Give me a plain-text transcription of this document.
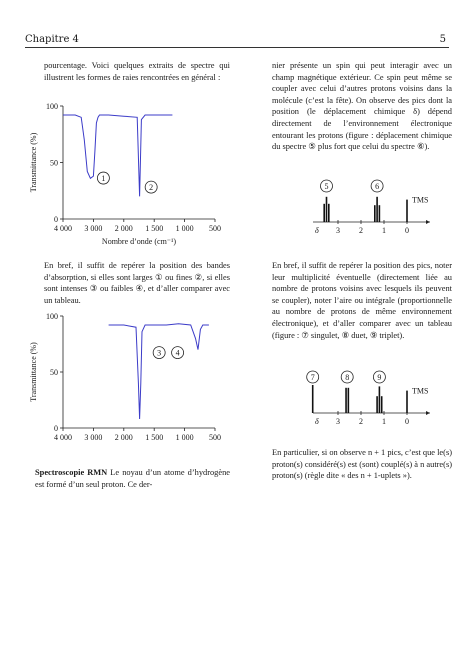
Chapitre 4	5

pourcentage. Voici quelques extraits de spectre qui illustrent les formes de raies rencontrées en général :

4 000 3 000 2 000 1 500 1 000 500
0
50
100
Transmittance (%)
Nombre d’onde (cm⁻¹)
1
2
4 000 3 000 2 000 1 500 1 000 500
0
50
100
Transmittance (%)	3 4
3 2 1 0
δ
TMS
5	6
3 2 1 0
δ
TMS
7	8	9

En bref, il suffit de repérer la position des bandes d’absorption, si elles sont larges ① ou fines ②, si elles sont intenses ③ ou faibles ④, et d’aller comparer avec un tableau.

Spectroscopie RMN Le noyau d’un atome d’hydrogène est formé d’un seul proton. Ce der-

nier présente un spin qui peut interagir avec un champ magnétique extérieur. Ce spin peut même se coupler avec celui d’autres protons voisins dans la molécule (c’est la fête). On observe des pics dont la position (le déplacement chimique δ) dépend directement de l’environnement électronique entourant les protons (figure : déplacement chimique du spectre ⑤ plus fort que celui du spectre ⑥).

En bref, il suffit de repérer la position des pics, noter leur multiplicité éventuelle (directement liée au nombre de protons voisins avec lesquels ils peuvent se coupler), noter l’aire ou intégrale (proportionnelle au nombre de protons de même environnement électronique), et d’aller comparer avec un tableau (figure : ⑦ singulet, ⑧ duet, ⑨ triplet).

En particulier, si on observe n + 1 pics, c’est que le(s) proton(s) considéré(s) est (sont) couplé(s) à n autre(s) proton(s) (règle dite « des n + 1-uplets »).
